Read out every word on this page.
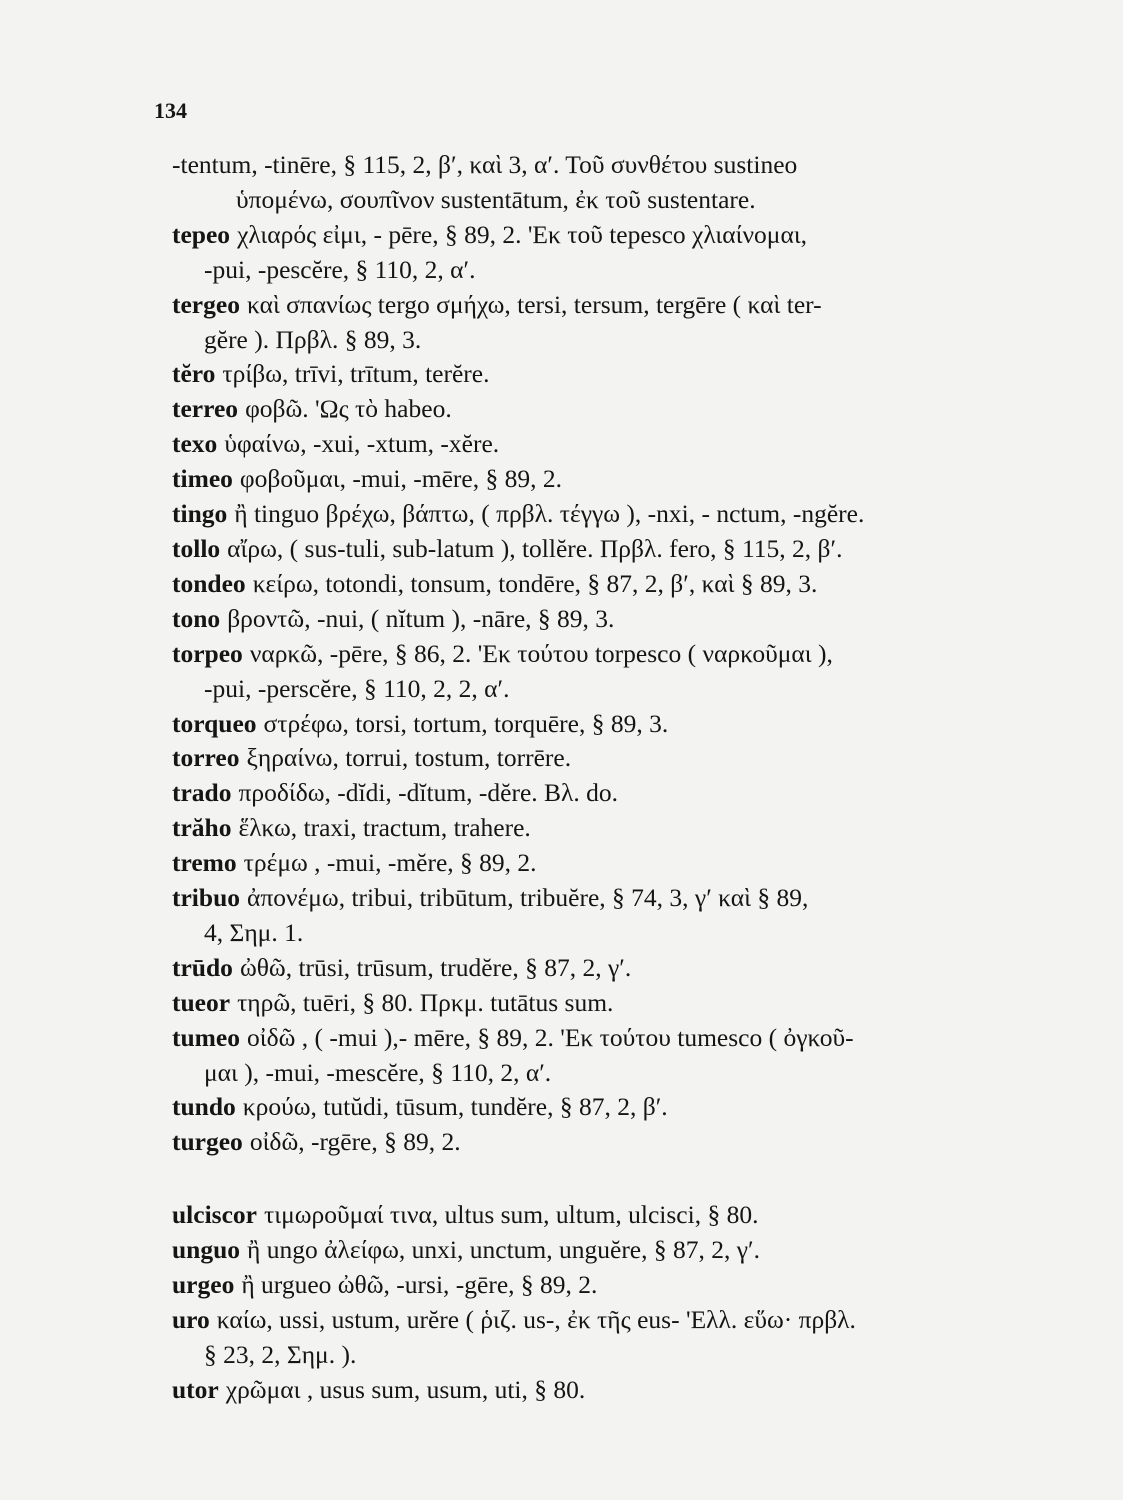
134
-tentum, -tinēre, § 115, 2, β′, καὶ 3, α′. Τοῦ συνθέτου sustineo
ὑπομένω, σουπῖνον sustentātum, ἐκ τοῦ sustentare.
tepeo χλιαρός εἰμι, - pēre, § 89, 2. 'Εκ τοῦ tepesco χλιαίνομαι,
-pui, -pescĕre, § 110, 2, α′.
tergeo καὶ σπανίως tergo σμήχω, tersi, tersum, tergēre ( καὶ ter-
gĕre ). Πρβλ. § 89, 3.
tĕro τρίβω, trīvi, trītum, terĕre.
terreo φοβῶ. 'Ως τὸ habeo.
texo ὑφαίνω, -xui, -xtum, -xĕre.
timeo φοβοῦμαι, -mui, -mēre, § 89, 2.
tingo ἢ tinguo βρέχω, βάπτω, ( πρβλ. τέγγω ), -nxi, - nctum, -ngĕre.
tollo αἴρω, ( sus-tuli, sub-latum ), tollĕre. Πρβλ. fero, § 115, 2, β′.
tondeo κείρω, totondi, tonsum, tondēre, § 87, 2, β′, καὶ § 89, 3.
tono βροντῶ, -nui, ( nĭtum ), -nāre, § 89, 3.
torpeo ναρκῶ, -pēre, § 86, 2. 'Εκ τούτου torpesco ( ναρκοῦμαι ),
-pui, -perscĕre, § 110, 2, 2, α′.
torqueo στρέφω, torsi, tortum, torquēre, § 89, 3.
torreo ξηραίνω, torrui, tostum, torrēre.
trado προδίδω, -dĭdi, -dĭtum, -dĕre. Βλ. do.
trăho ἕλκω, traxi, tractum, trahere.
tremo τρέμω , -mui, -mĕre, § 89, 2.
tribuo ἀπονέμω, tribui, tribūtum, tribuĕre, § 74, 3, γ′ καὶ § 89,
4, Σημ. 1.
trūdo ὠθῶ, trūsi, trūsum, trudĕre, § 87, 2, γ′.
tueor τηρῶ, tuēri, § 80. Πρκμ. tutātus sum.
tumeo οἰδῶ , ( -mui ),- mēre, § 89, 2. 'Εκ τούτου tumesco ( ὀγκοῦ-
μαι ), -mui, -mescĕre, § 110, 2, α′.
tundo κρούω, tutŭdi, tūsum, tundĕre, § 87, 2, β′.
turgeo οἰδῶ, -rgēre, § 89, 2.
ulciscor τιμωροῦμαί τινα, ultus sum, ultum, ulcisci, § 80.
unguo ἢ ungo ἀλείφω, unxi, unctum, unguĕre, § 87, 2, γ′.
urgeo ἢ urgueo ὠθῶ, -ursi, -gēre, § 89, 2.
uro καίω, ussi, ustum, urĕre ( ῥιζ. us-, ἐκ τῆς eus- 'Ελλ. εὕω· πρβλ.
§ 23, 2, Σημ. ).
utor χρῶμαι , usus sum, usum, uti, § 80.
